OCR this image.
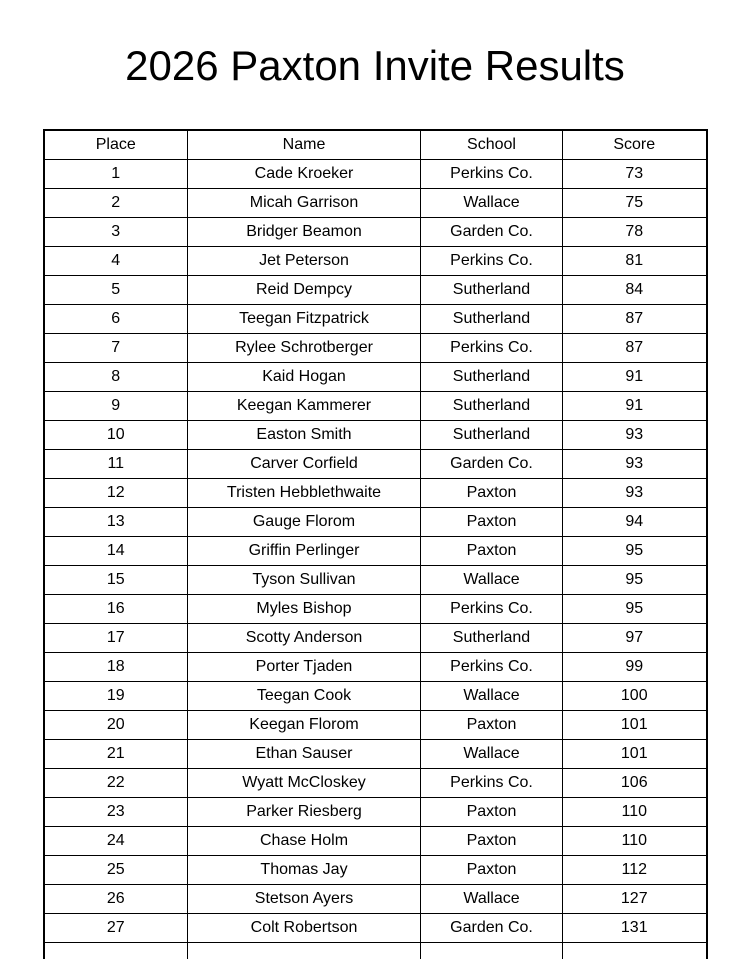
2026 Paxton Invite Results
Place	Name	School	Score
1	Cade Kroeker	Perkins Co.	73
2	Micah Garrison	Wallace	75
3	Bridger Beamon	Garden Co.	78
4	Jet Peterson	Perkins Co.	81
5	Reid Dempcy	Sutherland	84
6	Teegan Fitzpatrick	Sutherland	87
7	Rylee Schrotberger	Perkins Co.	87
8	Kaid Hogan	Sutherland	91
9	Keegan Kammerer	Sutherland	91
10	Easton Smith	Sutherland	93
11	Carver Corfield	Garden Co.	93
12	Tristen Hebblethwaite	Paxton	93
13	Gauge Florom	Paxton	94
14	Griffin Perlinger	Paxton	95
15	Tyson Sullivan	Wallace	95
16	Myles Bishop	Perkins Co.	95
17	Scotty Anderson	Sutherland	97
18	Porter Tjaden	Perkins Co.	99
19	Teegan Cook	Wallace	100
20	Keegan Florom	Paxton	101
21	Ethan Sauser	Wallace	101
22	Wyatt McCloskey	Perkins Co.	106
23	Parker Riesberg	Paxton	110
24	Chase Holm	Paxton	110
25	Thomas Jay	Paxton	112
26	Stetson Ayers	Wallace	127
27	Colt Robertson	Garden Co.	131
